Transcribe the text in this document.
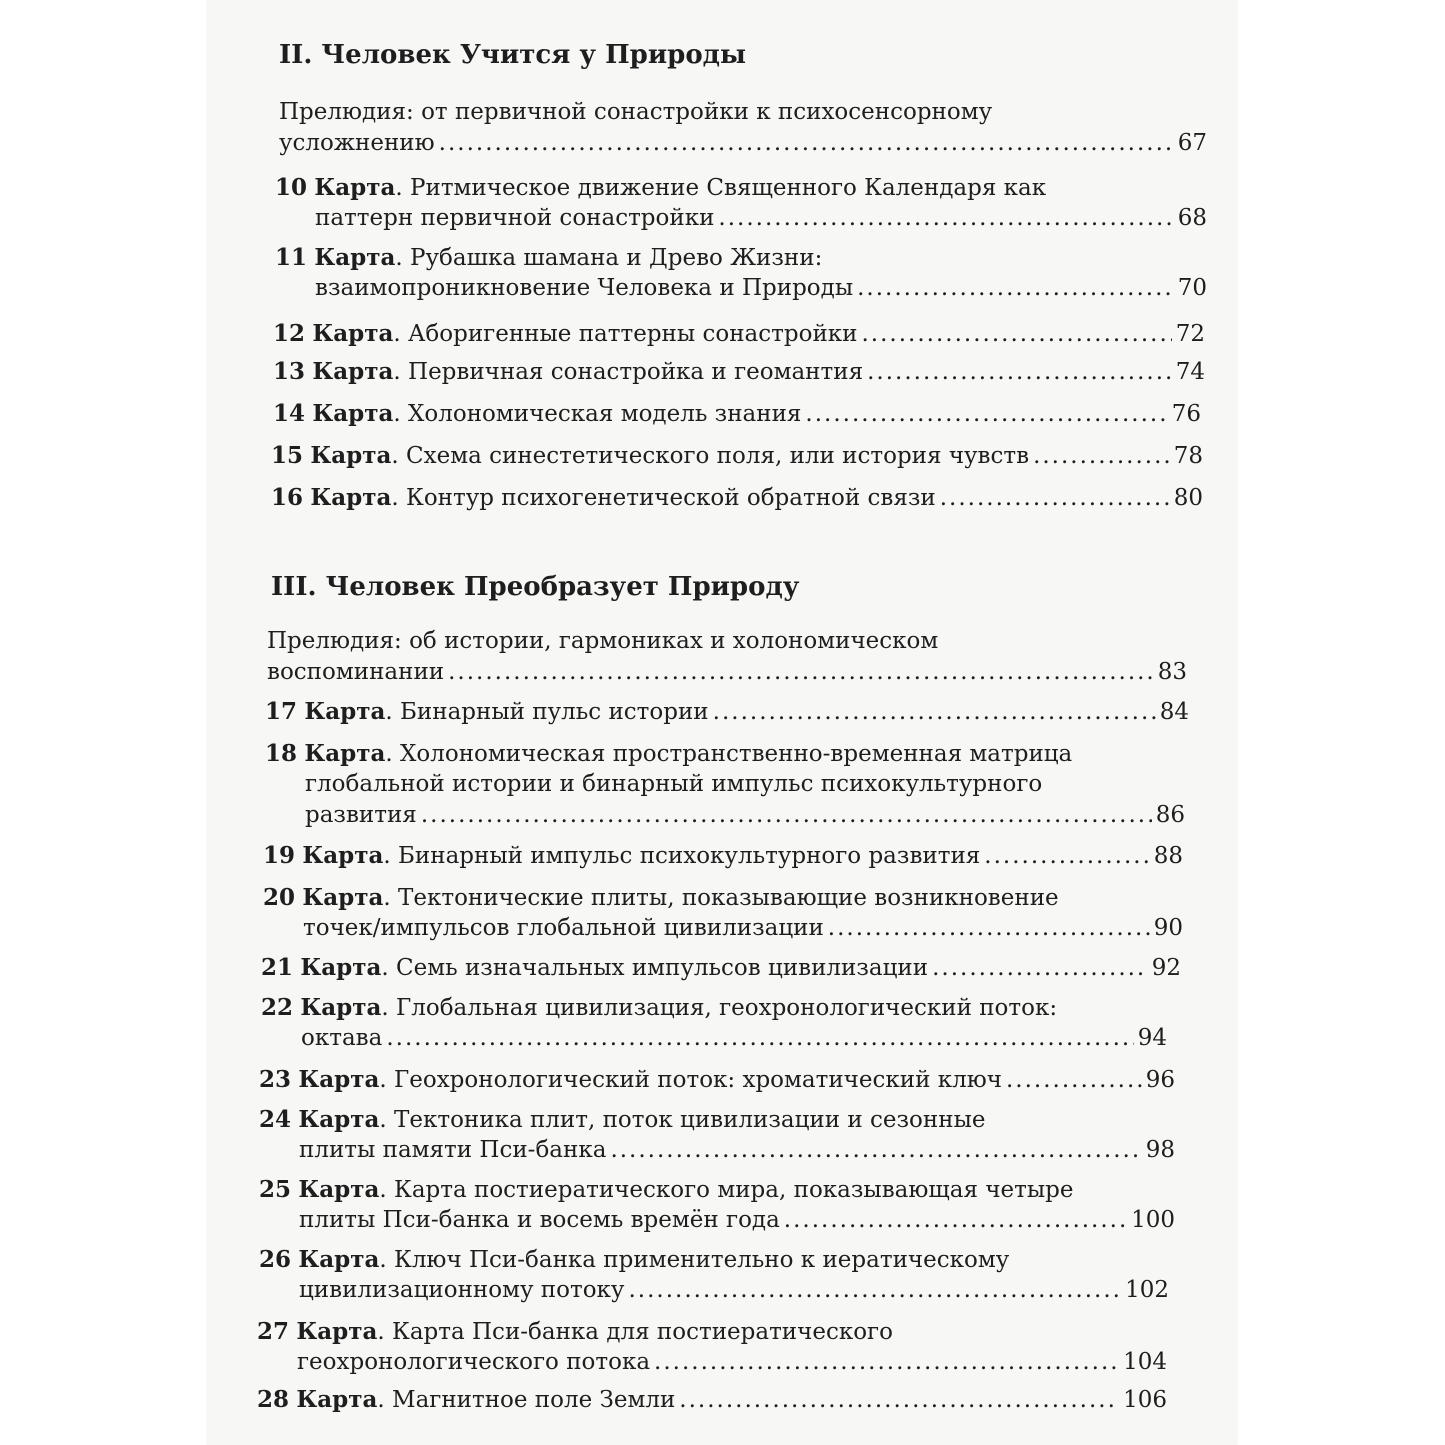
II. Человек Учится у Природы
Прелюдия: от первичной сонастройки к психосенсорному
усложнению .....	67
10 Карта. Ритмическое движение Священного Календаря как
паттерн первичной сонастройки .....	68
11 Карта. Рубашка шамана и Древо Жизни:
взаимопроникновение Человека и Природы .....	70
12 Карта. Аборигенные паттерны сонастройки .....	72
13 Карта. Первичная сонастройка и геомантия .....	74
14 Карта. Холономическая модель знания .....	76
15 Карта. Схема синестетического поля, или история чувств .....	78
16 Карта. Контур психогенетической обратной связи .....	80
III. Человек Преобразует Природу
Прелюдия: об истории, гармониках и холономическом
воспоминании .....	83
17 Карта. Бинарный пульс истории .....	84
18 Карта. Холономическая пространственно-временная матрица
глобальной истории и бинарный импульс психокультурного
развития .....	86
19 Карта. Бинарный импульс психокультурного развития .....	88
20 Карта. Тектонические плиты, показывающие возникновение
точек/импульсов глобальной цивилизации .....	90
21 Карта. Семь изначальных импульсов цивилизации .....	92
22 Карта. Глобальная цивилизация, геохронологический поток:
октава .....	94
23 Карта. Геохронологический поток: хроматический ключ .....	96
24 Карта. Тектоника плит, поток цивилизации и сезонные
плиты памяти Пси-банка .....	98
25 Карта. Карта постиератического мира, показывающая четыре
плиты Пси-банка и восемь времён года .....	100
26 Карта. Ключ Пси-банка применительно к иератическому
цивилизационному потоку .....	102
27 Карта. Карта Пси-банка для постиератического
геохронологического потока .....	104
28 Карта. Магнитное поле Земли .....	106
